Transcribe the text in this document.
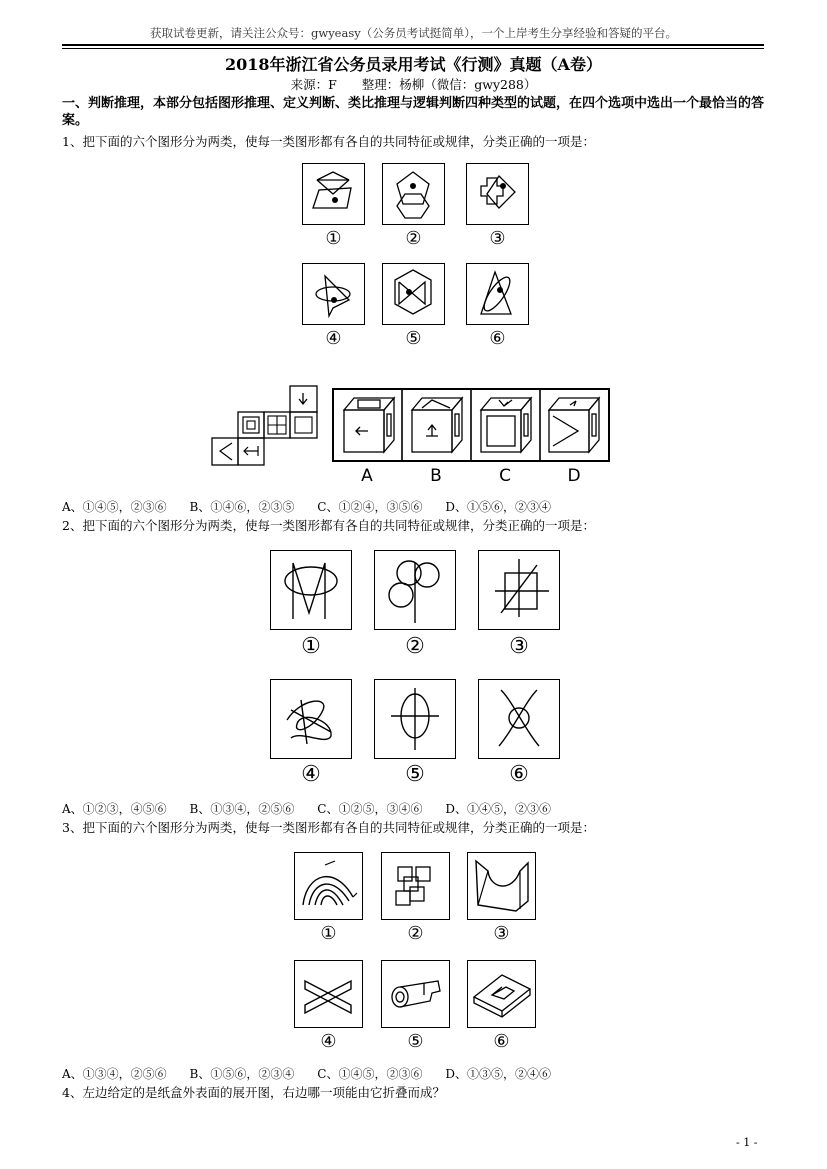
获取试卷更新，请关注公众号：gwyeasy（公务员考试挺简单），一个上岸考生分享经验和答疑的平台。
2018年浙江省公务员录用考试《行测》真题（A卷）
来源：F　　整理：杨柳（微信：gwy288）
一、判断推理，本部分包括图形推理、定义判断、类比推理与逻辑判断四种类型的试题，在四个选项中选出一个最恰当的答案。
1、把下面的六个图形分为两类，使每一类图形都有各自的共同特征或规律，分类正确的一项是：
①	②	③
④	⑤	⑥
A	B	C	D
A、①④⑤，②③⑥      B、①④⑥，②③⑤      C、①②④，③⑤⑥      D、①⑤⑥，②③④
2、把下面的六个图形分为两类，使每一类图形都有各自的共同特征或规律，分类正确的一项是：
①	②	③
④	⑤	⑥
A、①②③，④⑤⑥      B、①③④，②⑤⑥      C、①②⑤，③④⑥      D、①④⑤，②③⑥
3、把下面的六个图形分为两类，使每一类图形都有各自的共同特征或规律，分类正确的一项是：
①	②	③
④	⑤	⑥
A、①③④，②⑤⑥      B、①⑤⑥，②③④      C、①④⑤，②③⑥      D、①③⑤，②④⑥
4、左边给定的是纸盒外表面的展开图，右边哪一项能由它折叠而成？
- 1 -
